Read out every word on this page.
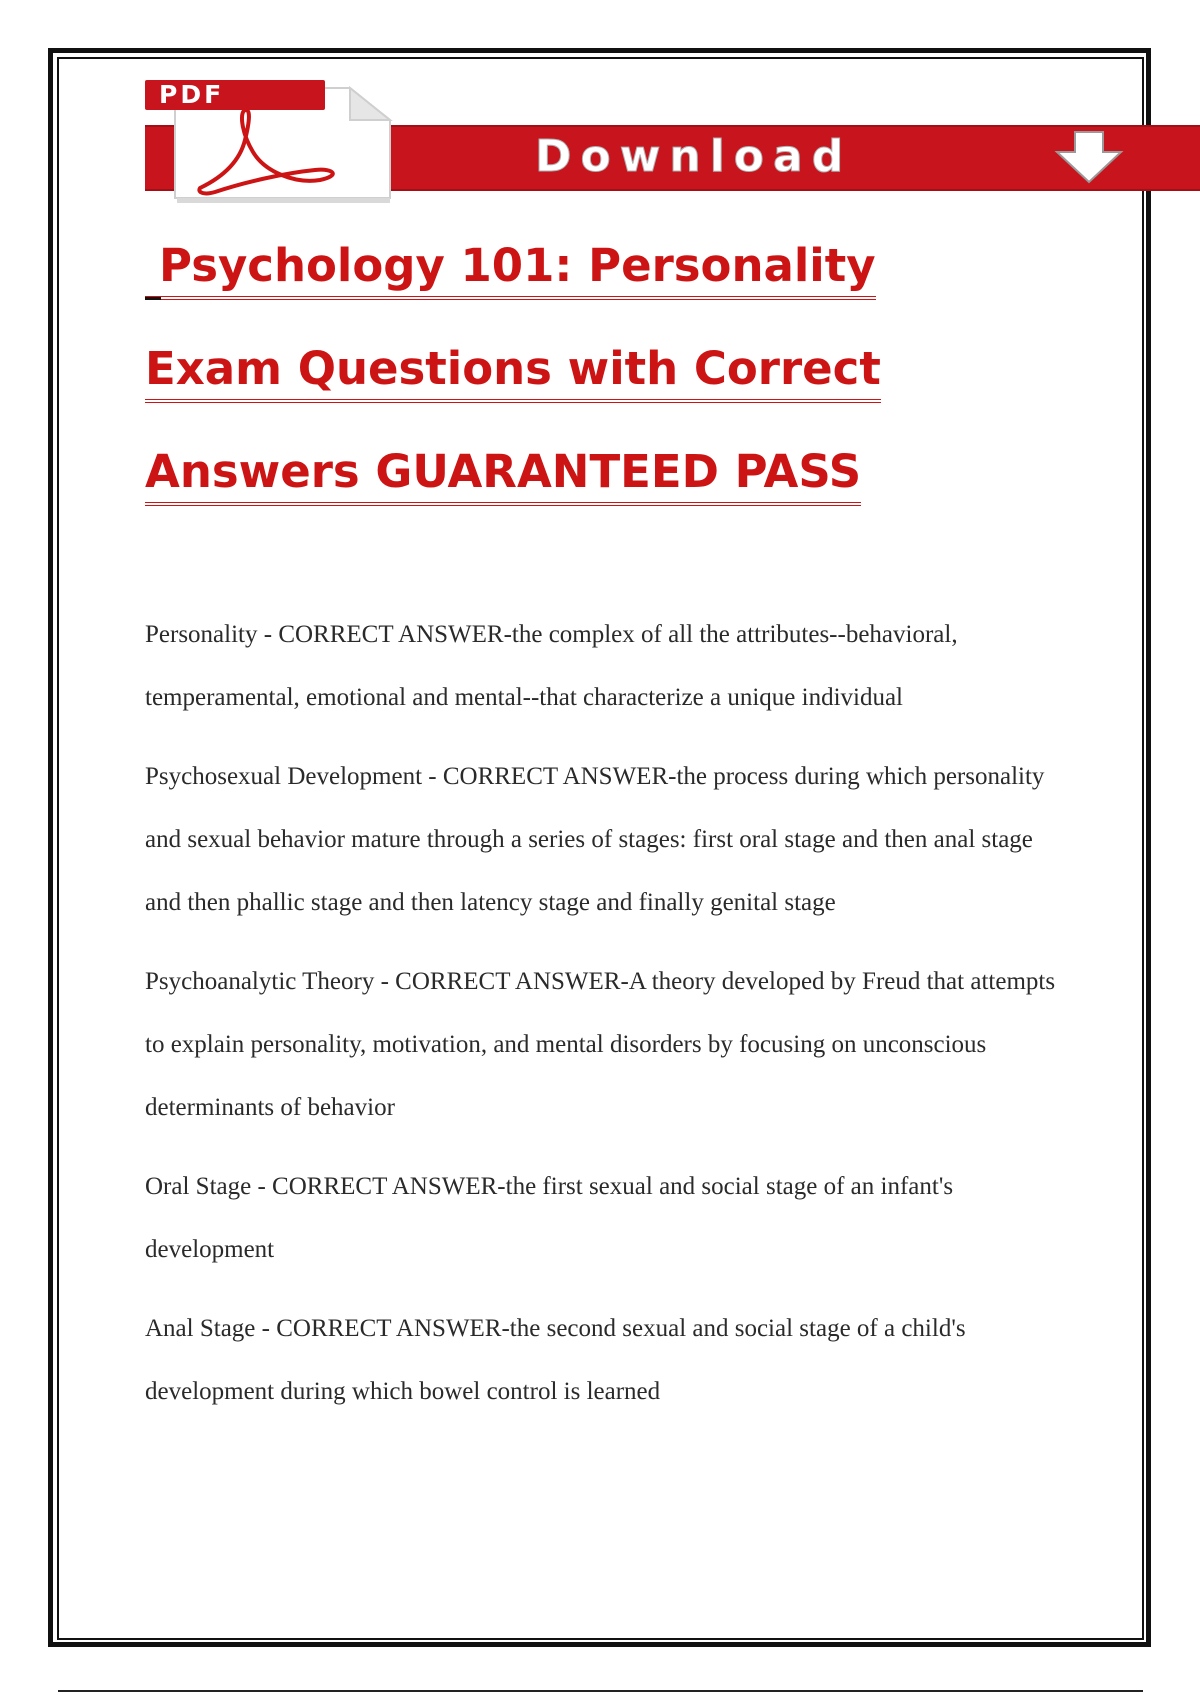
Download
PDF
Psychology 101: Personality
Exam Questions with Correct
Answers GUARANTEED PASS
Personality - CORRECT ANSWER-the complex of all the attributes--behavioral, temperamental, emotional and mental--that characterize a unique individual
Psychosexual Development - CORRECT ANSWER-the process during which personality and sexual behavior mature through a series of stages: first oral stage and then anal stage and then phallic stage and then latency stage and finally genital stage
Psychoanalytic Theory - CORRECT ANSWER-A theory developed by Freud that attempts to explain personality, motivation, and mental disorders by focusing on unconscious determinants of behavior
Oral Stage - CORRECT ANSWER-the first sexual and social stage of an infant's development
Anal Stage - CORRECT ANSWER-the second sexual and social stage of a child's development during which bowel control is learned
